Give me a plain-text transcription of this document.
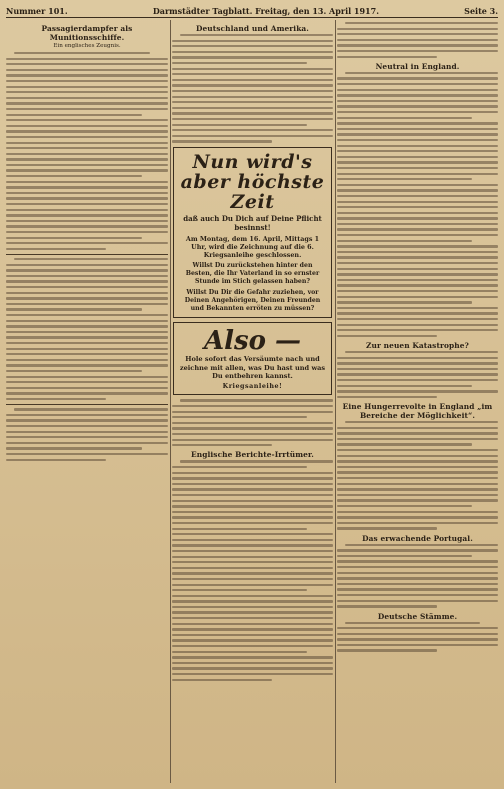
Nummer 101.	Darmstädter Tagblatt. Freitag, den 13. April 1917.	Seite 3.
Passagierdampfer als Munitionsschiffe.
Ein englisches Zeugnis.
Deutschland und Amerika.
Nun wird's aber höchste Zeit
daß auch Du Dich auf Deine Pflicht besinnst!
Am Montag, dem 16. April, Mittags 1 Uhr, wird die Zeichnung auf die 6. Kriegsanleihe geschlossen.
Willst Du zurückstehen hinter den Besten, die Ihr Vaterland in so ernster Stunde im Stich gelassen haben?
Willst Du Dir die Gefahr zuziehen, vor Deinen Angehörigen, Deinen Freunden und Bekannten erröten zu müssen?
Also —
Hole sofort das Versäumte nach und zeichne mit allen, was Du hast und was Du entbehren kannst.
Kriegsanleihe!
Englische Berichte-Irrtümer.
Neutral in England.
Zur neuen Katastrophe?
Eine Hungerrevolte in England „im Bereiche der Möglichkeit“.
Das erwachende Portugal.
Deutsche Stämme.
